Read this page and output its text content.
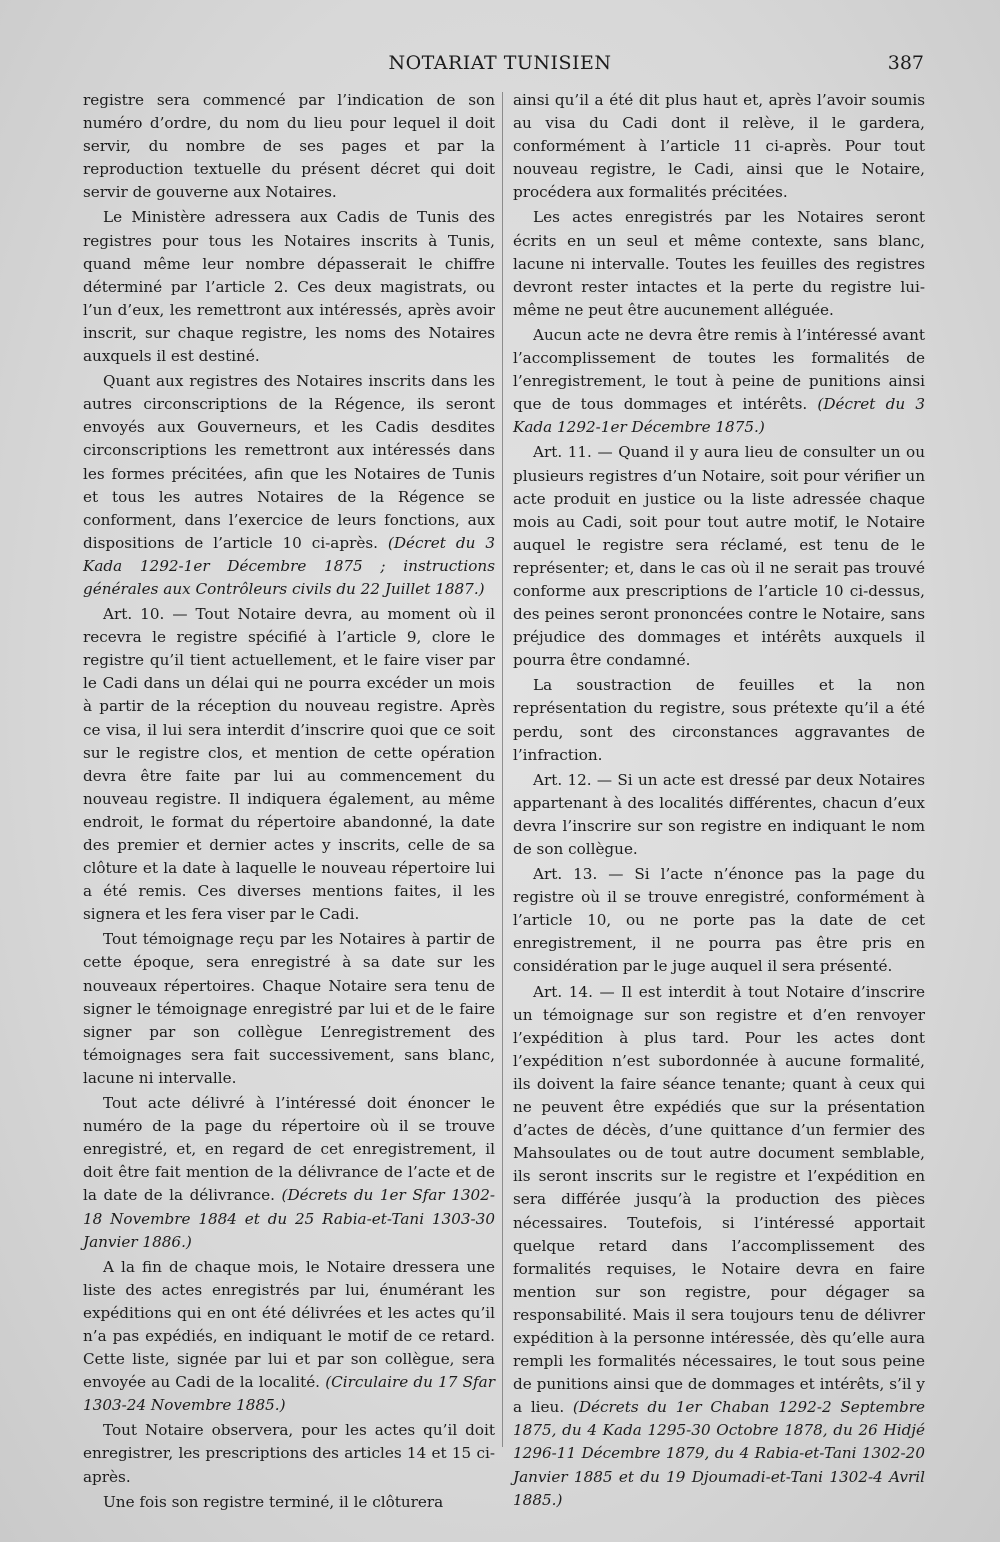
NOTARIAT TUNISIEN	387

registre sera commencé par l’indication de son numéro d’ordre, du nom du lieu pour lequel il doit servir, du nombre de ses pages et par la reproduction textuelle du présent décret qui doit servir de gouverne aux Notaires.

Le Ministère adressera aux Cadis de Tunis des registres pour tous les Notaires inscrits à Tunis, quand même leur nombre dépasserait le chiffre déterminé par l’article 2. Ces deux magistrats, ou l’un d’eux, les remettront aux intéressés, après avoir inscrit, sur chaque registre, les noms des Notaires auxquels il est destiné.

Quant aux registres des Notaires inscrits dans les autres circonscriptions de la Régence, ils seront envoyés aux Gouverneurs, et les Cadis desdites circonscriptions les remettront aux intéressés dans les formes précitées, afin que les Notaires de Tunis et tous les autres Notaires de la Régence se conforment, dans l’exercice de leurs fonctions, aux dispositions de l’article 10 ci-après. (Décret du 3 Kada 1292-1er Décembre 1875 ; instructions générales aux Contrôleurs civils du 22 Juillet 1887.)

Art. 10. — Tout Notaire devra, au moment où il recevra le registre spécifié à l’article 9, clore le registre qu’il tient actuellement, et le faire viser par le Cadi dans un délai qui ne pourra excéder un mois à partir de la réception du nouveau registre. Après ce visa, il lui sera interdit d’inscrire quoi que ce soit sur le registre clos, et mention de cette opération devra être faite par lui au commencement du nouveau registre. Il indiquera également, au même endroit, le format du répertoire abandonné, la date des premier et dernier actes y inscrits, celle de sa clôture et la date à laquelle le nouveau répertoire lui a été remis. Ces diverses mentions faites, il les signera et les fera viser par le Cadi.

Tout témoignage reçu par les Notaires à partir de cette époque, sera enregistré à sa date sur les nouveaux répertoires. Chaque Notaire sera tenu de signer le témoignage enregistré par lui et de le faire signer par son collègue L’enregistrement des témoignages sera fait successivement, sans blanc, lacune ni intervalle.

Tout acte délivré à l’intéressé doit énoncer le numéro de la page du répertoire où il se trouve enregistré, et, en regard de cet enregistrement, il doit être fait mention de la délivrance de l’acte et de la date de la délivrance. (Décrets du 1er Sfar 1302-18 Novembre 1884 et du 25 Rabia-et-Tani 1303-30 Janvier 1886.)

A la fin de chaque mois, le Notaire dressera une liste des actes enregistrés par lui, énumérant les expéditions qui en ont été délivrées et les actes qu’il n’a pas expédiés, en indiquant le motif de ce retard. Cette liste, signée par lui et par son collègue, sera envoyée au Cadi de la localité. (Circulaire du 17 Sfar 1303-24 Novembre 1885.)

Tout Notaire observera, pour les actes qu’il doit enregistrer, les prescriptions des articles 14 et 15 ci-après.

Une fois son registre terminé, il le clôturera

ainsi qu’il a été dit plus haut et, après l’avoir soumis au visa du Cadi dont il relève, il le gardera, conformément à l’article 11 ci-après. Pour tout nouveau registre, le Cadi, ainsi que le Notaire, procédera aux formalités précitées.

Les actes enregistrés par les Notaires seront écrits en un seul et même contexte, sans blanc, lacune ni intervalle. Toutes les feuilles des registres devront rester intactes et la perte du registre lui-même ne peut être aucunement alléguée.

Aucun acte ne devra être remis à l’intéressé avant l’accomplissement de toutes les formalités de l’enregistrement, le tout à peine de punitions ainsi que de tous dommages et intérêts. (Décret du 3 Kada 1292-1er Décembre 1875.)

Art. 11. — Quand il y aura lieu de consulter un ou plusieurs registres d’un Notaire, soit pour vérifier un acte produit en justice ou la liste adressée chaque mois au Cadi, soit pour tout autre motif, le Notaire auquel le registre sera réclamé, est tenu de le représenter; et, dans le cas où il ne serait pas trouvé conforme aux prescriptions de l’article 10 ci-dessus, des peines seront prononcées contre le Notaire, sans préjudice des dommages et intérêts auxquels il pourra être condamné.

La soustraction de feuilles et la non représentation du registre, sous prétexte qu’il a été perdu, sont des circonstances aggravantes de l’infraction.

Art. 12. — Si un acte est dressé par deux Notaires appartenant à des localités différentes, chacun d’eux devra l’inscrire sur son registre en indiquant le nom de son collègue.

Art. 13. — Si l’acte n’énonce pas la page du registre où il se trouve enregistré, conformément à l’article 10, ou ne porte pas la date de cet enregistrement, il ne pourra pas être pris en considération par le juge auquel il sera présenté.

Art. 14. — Il est interdit à tout Notaire d’inscrire un témoignage sur son registre et d’en renvoyer l’expédition à plus tard. Pour les actes dont l’expédition n’est subordonnée à aucune formalité, ils doivent la faire séance tenante; quant à ceux qui ne peuvent être expédiés que sur la présentation d’actes de décès, d’une quittance d’un fermier des Mahsoulates ou de tout autre document semblable, ils seront inscrits sur le registre et l’expédition en sera différée jusqu’à la production des pièces nécessaires. Toutefois, si l’intéressé apportait quelque retard dans l’accomplissement des formalités requises, le Notaire devra en faire mention sur son registre, pour dégager sa responsabilité. Mais il sera toujours tenu de délivrer expédition à la personne intéressée, dès qu’elle aura rempli les formalités nécessaires, le tout sous peine de punitions ainsi que de dommages et intérêts, s’il y a lieu. (Décrets du 1er Chaban 1292-2 Septembre 1875, du 4 Kada 1295-30 Octobre 1878, du 26 Hidjé 1296-11 Décembre 1879, du 4 Rabia-et-Tani 1302-20 Janvier 1885 et du 19 Djoumadi-et-Tani 1302-4 Avril 1885.)
